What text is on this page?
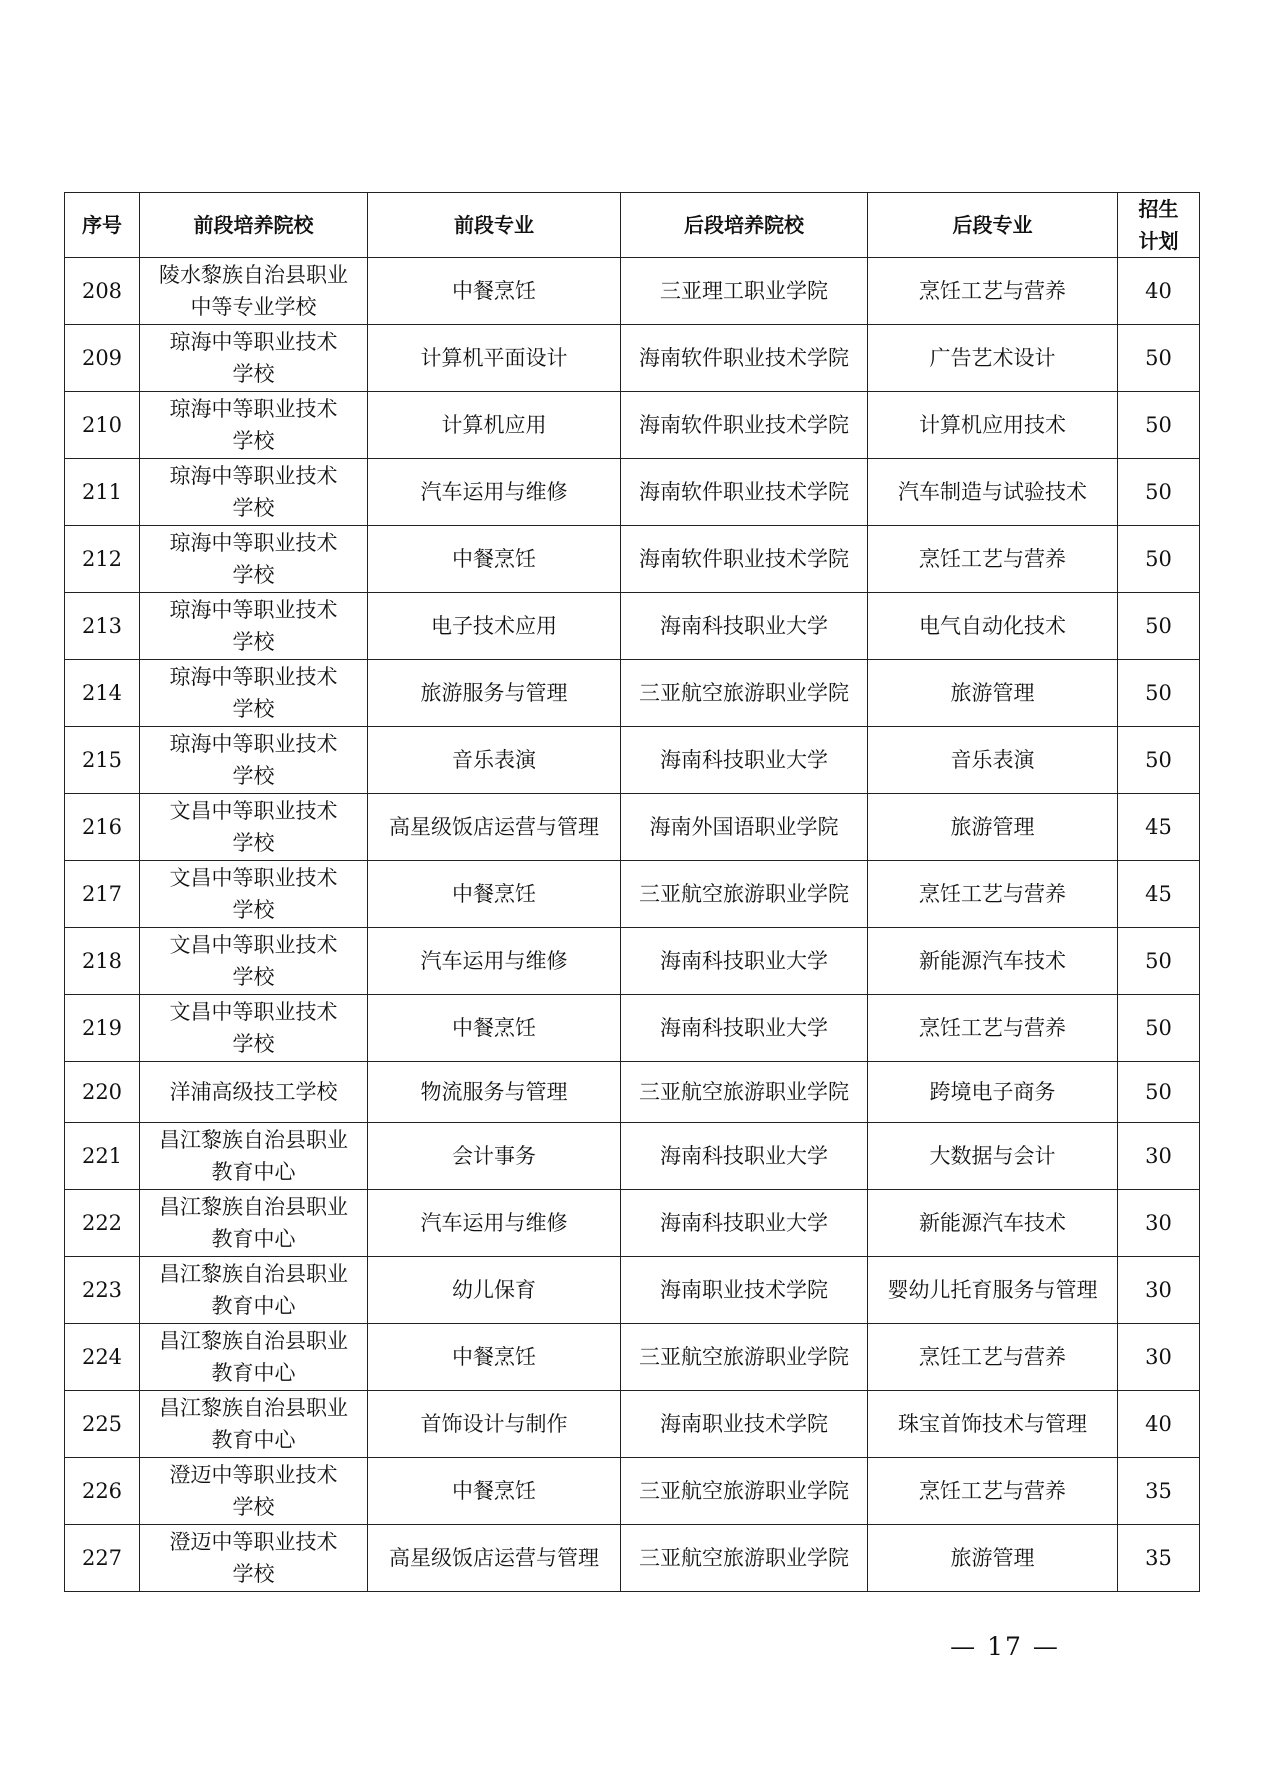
序号	前段培养院校	前段专业	后段培养院校	后段专业	招生
计划

208	陵水黎族自治县职业
中等专业学校	中餐烹饪	三亚理工职业学院	烹饪工艺与营养	40
209	琼海中等职业技术
学校	计算机平面设计	海南软件职业技术学院	广告艺术设计	50
210	琼海中等职业技术
学校	计算机应用	海南软件职业技术学院	计算机应用技术	50
211	琼海中等职业技术
学校	汽车运用与维修	海南软件职业技术学院	汽车制造与试验技术	50
212	琼海中等职业技术
学校	中餐烹饪	海南软件职业技术学院	烹饪工艺与营养	50
213	琼海中等职业技术
学校	电子技术应用	海南科技职业大学	电气自动化技术	50
214	琼海中等职业技术
学校	旅游服务与管理	三亚航空旅游职业学院	旅游管理	50
215	琼海中等职业技术
学校	音乐表演	海南科技职业大学	音乐表演	50
216	文昌中等职业技术
学校	高星级饭店运营与管理	海南外国语职业学院	旅游管理	45
217	文昌中等职业技术
学校	中餐烹饪	三亚航空旅游职业学院	烹饪工艺与营养	45
218	文昌中等职业技术
学校	汽车运用与维修	海南科技职业大学	新能源汽车技术	50
219	文昌中等职业技术
学校	中餐烹饪	海南科技职业大学	烹饪工艺与营养	50
220	洋浦高级技工学校	物流服务与管理	三亚航空旅游职业学院	跨境电子商务	50
221	昌江黎族自治县职业
教育中心	会计事务	海南科技职业大学	大数据与会计	30
222	昌江黎族自治县职业
教育中心	汽车运用与维修	海南科技职业大学	新能源汽车技术	30
223	昌江黎族自治县职业
教育中心	幼儿保育	海南职业技术学院	婴幼儿托育服务与管理	30
224	昌江黎族自治县职业
教育中心	中餐烹饪	三亚航空旅游职业学院	烹饪工艺与营养	30
225	昌江黎族自治县职业
教育中心	首饰设计与制作	海南职业技术学院	珠宝首饰技术与管理	40
226	澄迈中等职业技术
学校	中餐烹饪	三亚航空旅游职业学院	烹饪工艺与营养	35
227	澄迈中等职业技术
学校	高星级饭店运营与管理	三亚航空旅游职业学院	旅游管理	35
— 17 —
